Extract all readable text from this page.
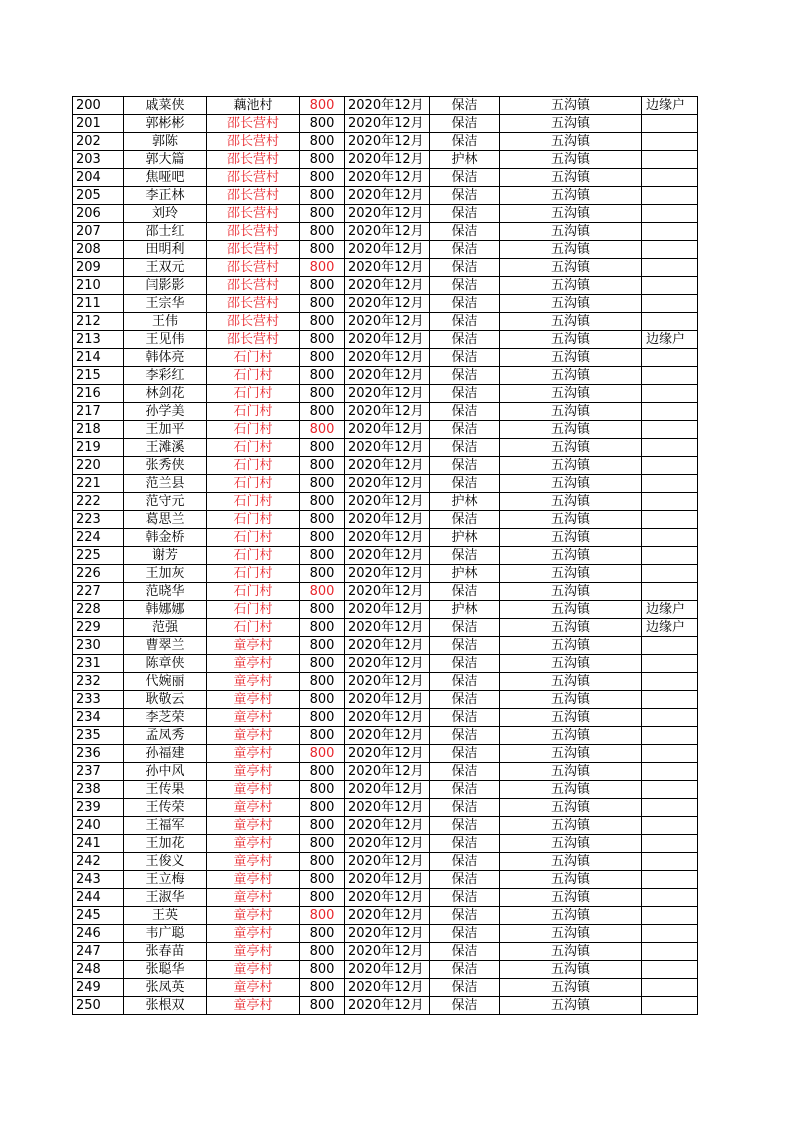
200	戚菜侠	藕池村	800	2020年12月	保洁	五沟镇	边缘户
201	郭彬彬	邵长营村	800	2020年12月	保洁	五沟镇	
202	郭陈	邵长营村	800	2020年12月	保洁	五沟镇	
203	郭大篇	邵长营村	800	2020年12月	护林	五沟镇	
204	焦哑吧	邵长营村	800	2020年12月	保洁	五沟镇	
205	李正林	邵长营村	800	2020年12月	保洁	五沟镇	
206	刘玲	邵长营村	800	2020年12月	保洁	五沟镇	
207	邵士红	邵长营村	800	2020年12月	保洁	五沟镇	
208	田明利	邵长营村	800	2020年12月	保洁	五沟镇	
209	王双元	邵长营村	800	2020年12月	保洁	五沟镇	
210	闫影影	邵长营村	800	2020年12月	保洁	五沟镇	
211	王宗华	邵长营村	800	2020年12月	保洁	五沟镇	
212	王伟	邵长营村	800	2020年12月	保洁	五沟镇	
213	王见伟	邵长营村	800	2020年12月	保洁	五沟镇	边缘户
214	韩体亮	石门村	800	2020年12月	保洁	五沟镇	
215	李彩红	石门村	800	2020年12月	保洁	五沟镇	
216	林剑花	石门村	800	2020年12月	保洁	五沟镇	
217	孙学美	石门村	800	2020年12月	保洁	五沟镇	
218	王加平	石门村	800	2020年12月	保洁	五沟镇	
219	王滩溪	石门村	800	2020年12月	保洁	五沟镇	
220	张秀侠	石门村	800	2020年12月	保洁	五沟镇	
221	范兰县	石门村	800	2020年12月	保洁	五沟镇	
222	范守元	石门村	800	2020年12月	护林	五沟镇	
223	葛思兰	石门村	800	2020年12月	保洁	五沟镇	
224	韩金桥	石门村	800	2020年12月	护林	五沟镇	
225	谢芳	石门村	800	2020年12月	保洁	五沟镇	
226	王加灰	石门村	800	2020年12月	护林	五沟镇	
227	范晓华	石门村	800	2020年12月	保洁	五沟镇	
228	韩娜娜	石门村	800	2020年12月	护林	五沟镇	边缘户
229	范强	石门村	800	2020年12月	保洁	五沟镇	边缘户
230	曹翠兰	童亭村	800	2020年12月	保洁	五沟镇	
231	陈章侠	童亭村	800	2020年12月	保洁	五沟镇	
232	代婉丽	童亭村	800	2020年12月	保洁	五沟镇	
233	耿敬云	童亭村	800	2020年12月	保洁	五沟镇	
234	李芝荣	童亭村	800	2020年12月	保洁	五沟镇	
235	孟凤秀	童亭村	800	2020年12月	保洁	五沟镇	
236	孙福建	童亭村	800	2020年12月	保洁	五沟镇	
237	孙中风	童亭村	800	2020年12月	保洁	五沟镇	
238	王传果	童亭村	800	2020年12月	保洁	五沟镇	
239	王传荣	童亭村	800	2020年12月	保洁	五沟镇	
240	王福军	童亭村	800	2020年12月	保洁	五沟镇	
241	王加花	童亭村	800	2020年12月	保洁	五沟镇	
242	王俊义	童亭村	800	2020年12月	保洁	五沟镇	
243	王立梅	童亭村	800	2020年12月	保洁	五沟镇	
244	王淑华	童亭村	800	2020年12月	保洁	五沟镇	
245	王英	童亭村	800	2020年12月	保洁	五沟镇	
246	韦广聪	童亭村	800	2020年12月	保洁	五沟镇	
247	张春苗	童亭村	800	2020年12月	保洁	五沟镇	
248	张聪华	童亭村	800	2020年12月	保洁	五沟镇	
249	张凤英	童亭村	800	2020年12月	保洁	五沟镇	
250	张根双	童亭村	800	2020年12月	保洁	五沟镇	
